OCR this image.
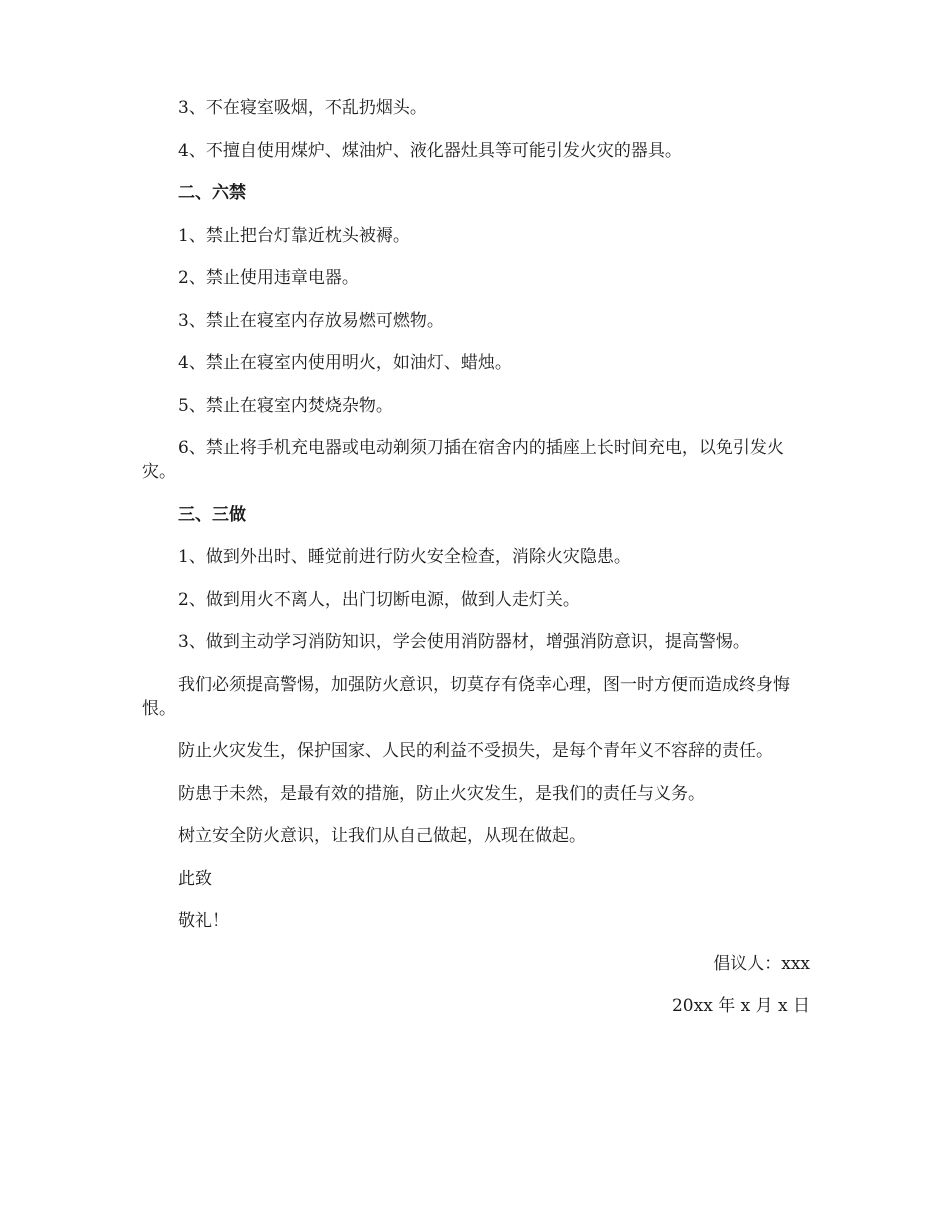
3、不在寝室吸烟，不乱扔烟头。

4、不擅自使用煤炉、煤油炉、液化器灶具等可能引发火灾的器具。

二、六禁

1、禁止把台灯靠近枕头被褥。

2、禁止使用违章电器。

3、禁止在寝室内存放易燃可燃物。

4、禁止在寝室内使用明火，如油灯、蜡烛。

5、禁止在寝室内焚烧杂物。

6、禁止将手机充电器或电动剃须刀插在宿舍内的插座上长时间充电，以免引发火灾。

三、三做

1、做到外出时、睡觉前进行防火安全检查，消除火灾隐患。

2、做到用火不离人，出门切断电源，做到人走灯关。

3、做到主动学习消防知识，学会使用消防器材，增强消防意识，提高警惕。

我们必须提高警惕，加强防火意识，切莫存有侥幸心理，图一时方便而造成终身悔恨。

防止火灾发生，保护国家、人民的利益不受损失，是每个青年义不容辞的责任。

防患于未然，是最有效的措施，防止火灾发生，是我们的责任与义务。

树立安全防火意识，让我们从自己做起，从现在做起。

此致

敬礼！

倡议人：xxx

20xx 年 x 月 x 日
